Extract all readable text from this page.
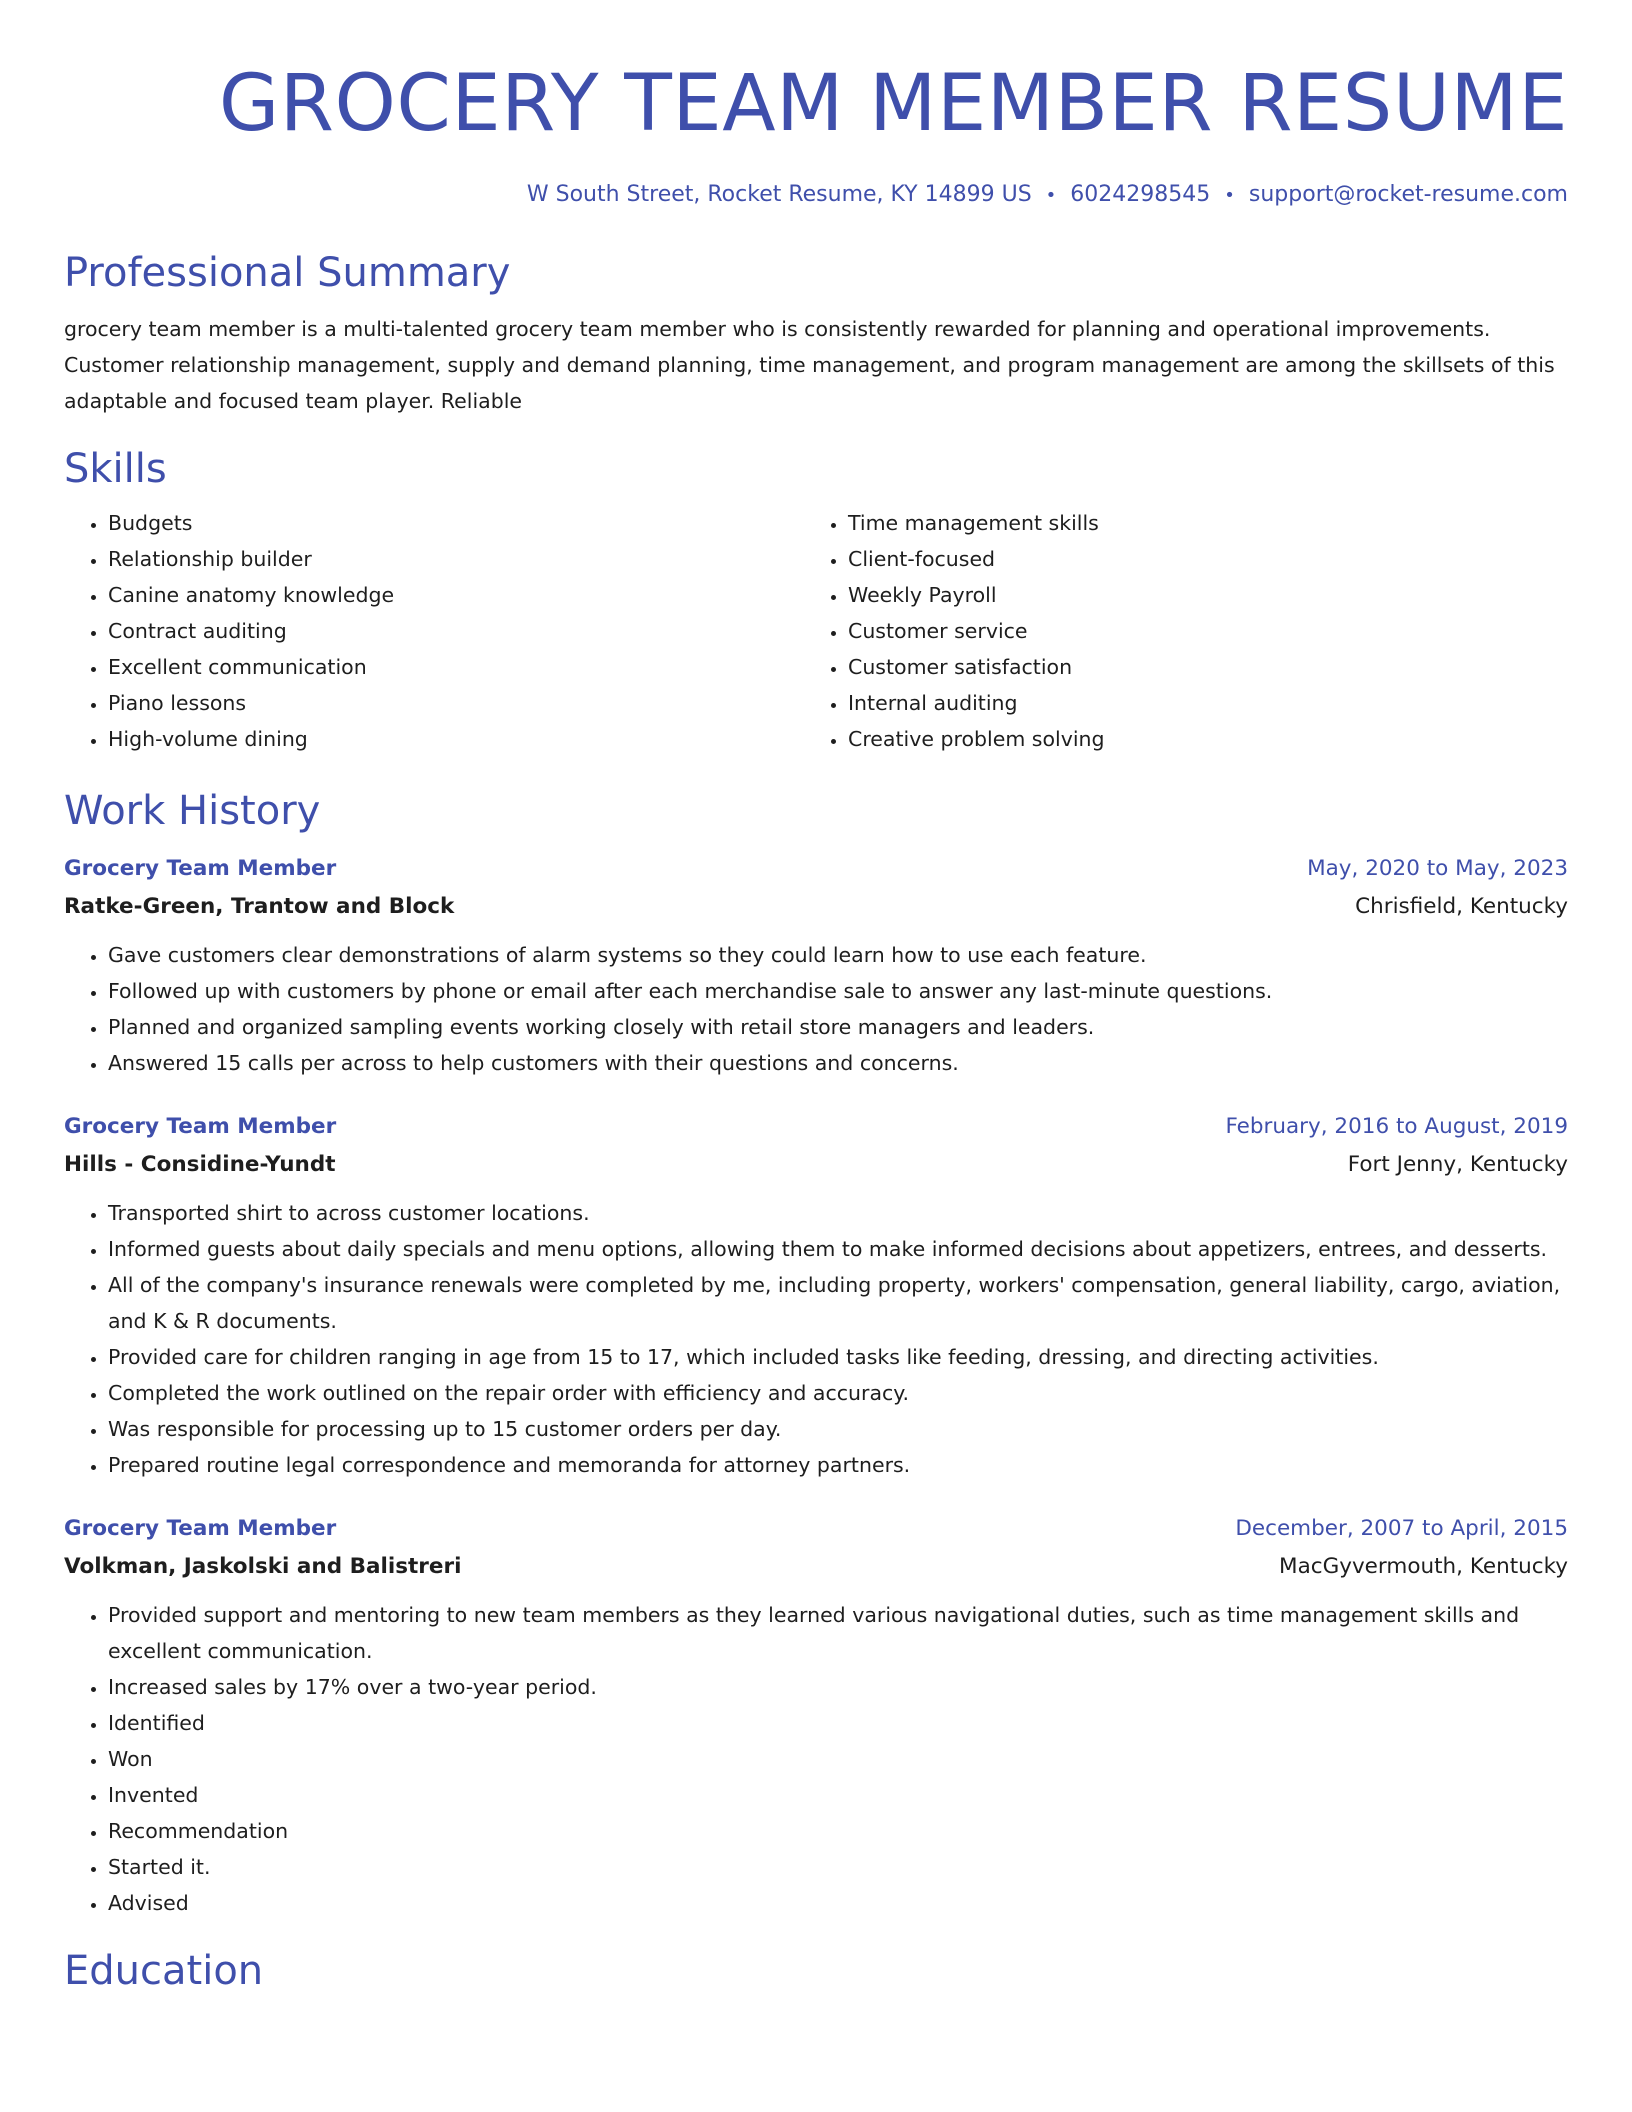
GROCERY TEAM MEMBER RESUME
W South Street, Rocket Resume, KY 14899 US • 6024298545 • support@rocket-resume.com
Professional Summary
grocery team member is a multi-talented grocery team member who is consistently rewarded for planning and operational improvements. Customer relationship management, supply and demand planning, time management, and program management are among the skillsets of this adaptable and focused team player. Reliable
Skills
• Budgets
• Relationship builder
• Canine anatomy knowledge
• Contract auditing
• Excellent communication
• Piano lessons
• High-volume dining
• Time management skills
• Client-focused
• Weekly Payroll
• Customer service
• Customer satisfaction
• Internal auditing
• Creative problem solving
Work History
Grocery Team Member	May, 2020 to May, 2023
Ratke-Green, Trantow and Block	Chrisfield, Kentucky
• Gave customers clear demonstrations of alarm systems so they could learn how to use each feature.
• Followed up with customers by phone or email after each merchandise sale to answer any last-minute questions.
• Planned and organized sampling events working closely with retail store managers and leaders.
• Answered 15 calls per across to help customers with their questions and concerns.
Grocery Team Member	February, 2016 to August, 2019
Hills - Considine-Yundt	Fort Jenny, Kentucky
• Transported shirt to across customer locations.
• Informed guests about daily specials and menu options, allowing them to make informed decisions about appetizers, entrees, and desserts.
• All of the company's insurance renewals were completed by me, including property, workers' compensation, general liability, cargo, aviation, and K & R documents.
• Provided care for children ranging in age from 15 to 17, which included tasks like feeding, dressing, and directing activities.
• Completed the work outlined on the repair order with efficiency and accuracy.
• Was responsible for processing up to 15 customer orders per day.
• Prepared routine legal correspondence and memoranda for attorney partners.
Grocery Team Member	December, 2007 to April, 2015
Volkman, Jaskolski and Balistreri	MacGyvermouth, Kentucky
• Provided support and mentoring to new team members as they learned various navigational duties, such as time management skills and excellent communication.
• Increased sales by 17% over a two-year period.
• Identified
• Won
• Invented
• Recommendation
• Started it.
• Advised
Education
